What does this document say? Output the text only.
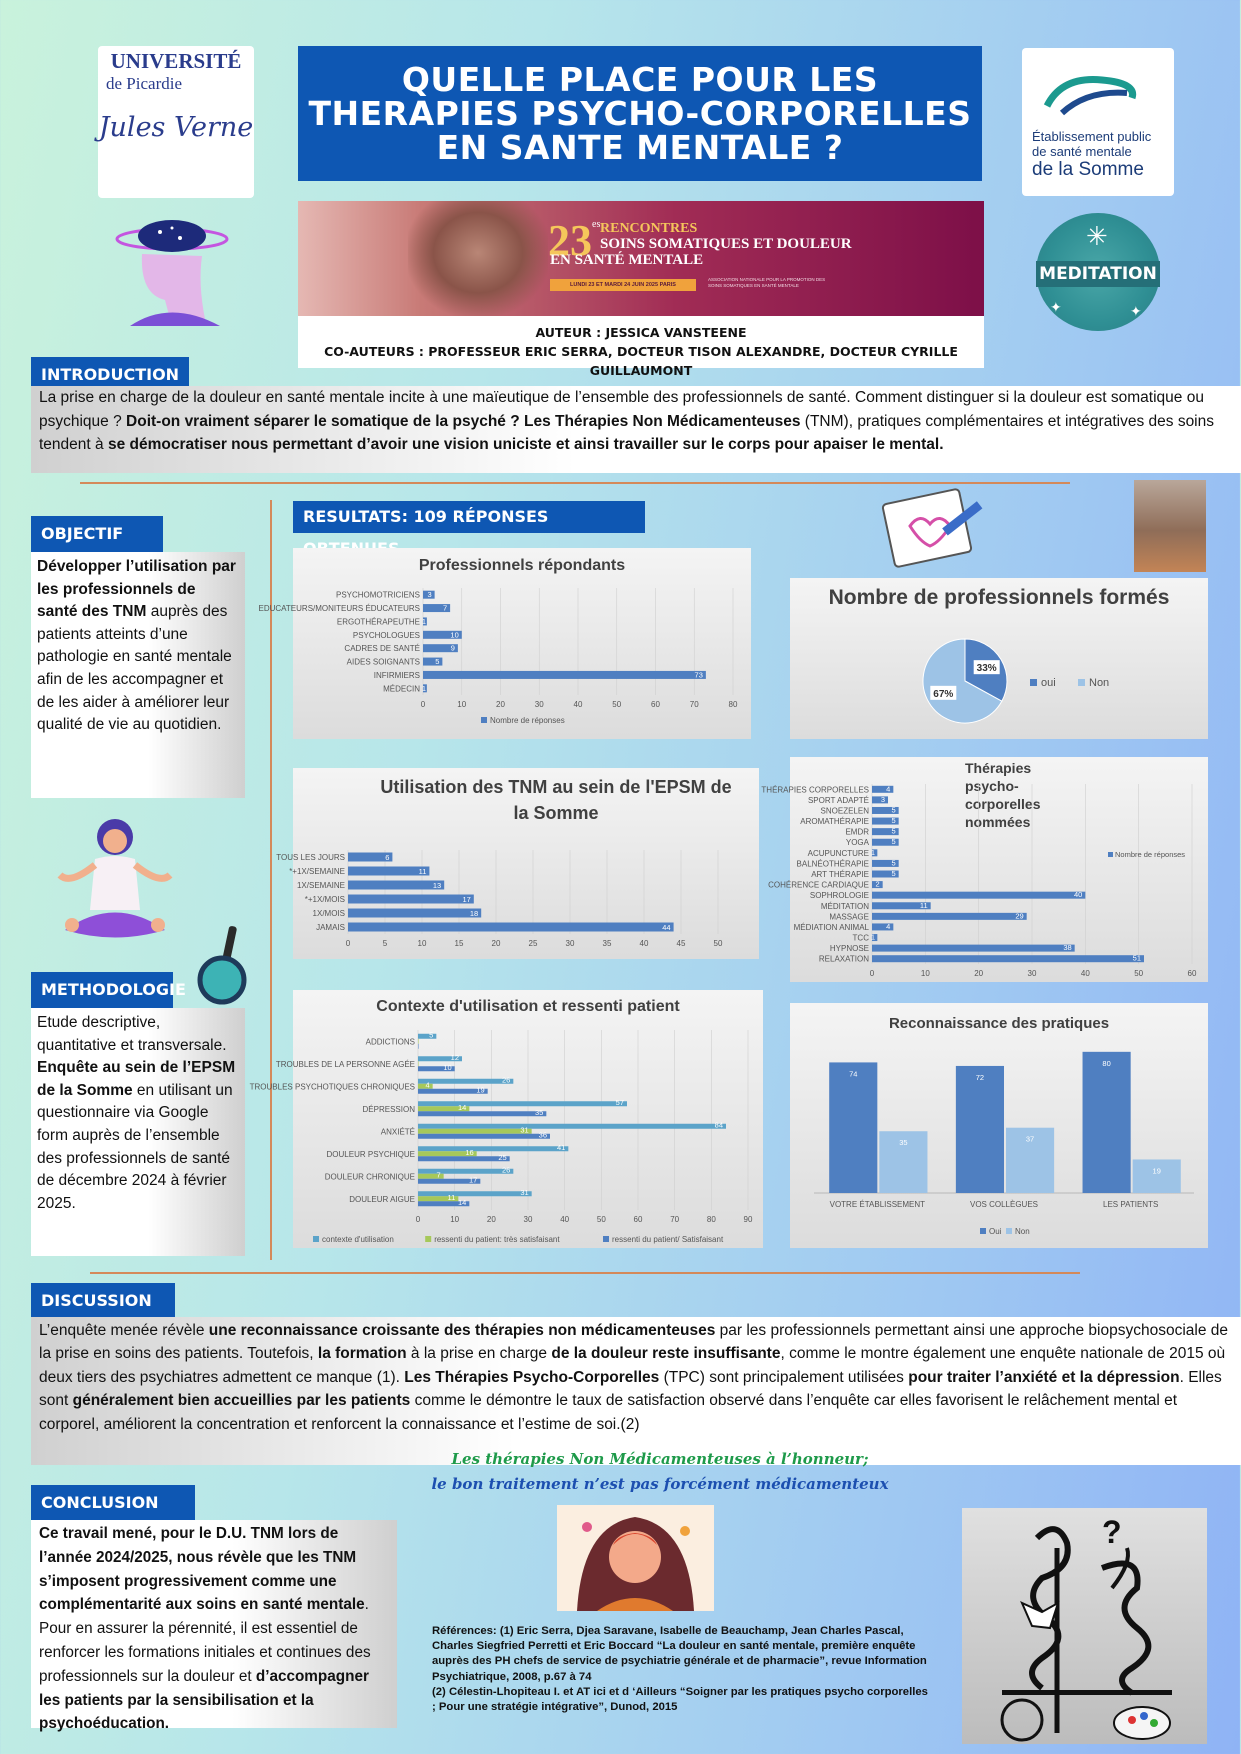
UNIVERSITÉ
de Picardie
Jules Verne	Établissement public
de santé mentale
de la Somme
QUELLE PLACE POUR LES THERAPIES PSYCHO-CORPORELLES EN SANTE MENTALE ?
$23^{es}$ RENCONTRES
SOINS SOMATIQUES ET DOULEUR
EN SANTÉ MENTALE
LUNDI 23 ET MARDI 24 JUIN 2025 PARIS
ASSOCIATION NATIONALE POUR LA PROMOTION DES SOINS SOMATIQUES EN SANTÉ MENTALE
✳
MEDITATION
✦	✦
AUTEUR : JESSICA VANSTEENE
CO-AUTEURS : PROFESSEUR ERIC SERRA, DOCTEUR TISON ALEXANDRE, DOCTEUR CYRILLE GUILLAUMONT
INTRODUCTION
La prise en charge de la douleur en santé mentale incite à une maïeutique de l’ensemble des professionnels de santé. Comment distinguer si la douleur est somatique ou psychique ? Doit-on vraiment séparer le somatique de la psyché ? Les Thérapies Non Médicamenteuses (TNM), pratiques complémentaires et intégratives des soins tendent à se démocratiser nous permettant d’avoir une vision uniciste et ainsi travailler sur le corps pour apaiser le mental.
OBJECTIF
Développer l’utilisation par les professionnels de santé des TNM auprès des patients atteints d’une pathologie en santé mentale afin de les accompagner et de les aider à améliorer leur qualité de vie au quotidien.
METHODOLOGIE
Etude descriptive, quantitative et transversale. Enquête au sein de l’EPSM de la Somme en utilisant un questionnaire via Google form auprès de l’ensemble des professionnels de santé de décembre 2024 à février 2025.
RESULTATS: 109 RÉPONSES
Professionnels répondants
0	10	20	30	40	50	60	70	80
PSYCHOMOTRICIENS 3
EDUCATEURS/MONITEURS ÉDUCATEURS	7
ERGOTHÉRAPEUTHE 1
PSYCHOLOGUES	10
CADRES DE SANTÉ	9
AIDES SOIGNANTS 5
INFIRMIERS	73
MÉDECIN 1
Nombre de réponses
Nombre de professionnels formés
33%
67%
oui	Non
Utilisation des TNM au sein de l'EPSM de la Somme
0	5	10	15	20	25	30	35	40	45	50
TOUS LES JOURS	6
*+1X/SEMAINE	11
1X/SEMAINE	13
*+1X/MOIS	17
1X/MOIS	18
JAMAIS	44
Thérapies psycho-corporelles nommées
0	10	20	30	40	50	60
THÉRAPIES CORPORELLES 4
SPORT ADAPTÉ 3
SNOEZELEN	5
AROMATHÉRAPIE	5
EMDR	5
YOGA	5
ACUPUNCTURE 1
BALNÉOTHÉRAPIE	5
ART THÉRAPIE	5
COHÉRENCE CARDIAQUE 2
SOPHROLOGIE	40
MÉDITATION	11
MASSAGE	29
MÉDIATION ANIMAL 4
TCC 1
HYPNOSE	38
RELAXATION	51
Nombre de réponses
Contexte d'utilisation et ressenti patient
0	10	20	30	40	50	60	70	80	90
ADDICTIONS
5
TROUBLES DE LA PERSONNE AGÉE
12
10
TROUBLES PSYCHOTIQUES CHRONIQUES
26
4
19
DÉPRESSION
57
14
35
ANXIÉTÉ
84
31
36
DOULEUR PSYCHIQUE
41
16
25
DOULEUR CHRONIQUE
26
7
17
DOULEUR AIGUE
31
11
14
contexte d'utilisation	ressenti du patient: très satisfaisant	ressenti du patient/ Satisfaisant
Reconnaissance des pratiques
74
35
VOTRE ÉTABLISSEMENT
72
37
VOS COLLÈGUES
80
19
LES PATIENTS
Oui Non
DISCUSSION
L’enquête menée révèle une reconnaissance croissante des thérapies non médicamenteuses par les professionnels permettant ainsi une approche biopsychosociale de la prise en soins des patients. Toutefois, la formation à la prise en charge de la douleur reste insuffisante, comme le montre également une enquête nationale de 2015 où deux tiers des psychiatres admettent ce manque (1). Les Thérapies Psycho-Corporelles (TPC) sont principalement utilisées pour traiter l’anxiété et la dépression. Elles sont généralement bien accueillies par les patients comme le démontre le taux de satisfaction observé dans l’enquête car elles favorisent le relâchement mental et corporel, améliorent la concentration et renforcent la connaissance et l’estime de soi.(2)
Les thérapies Non Médicamenteuses à l’honneur;
le bon traitement n’est pas forcément médicamenteux
CONCLUSION
Ce travail mené, pour le D.U. TNM lors de l’année 2024/2025, nous révèle que les TNM s’imposent progressivement comme une complémentarité aux soins en santé mentale. Pour en assurer la pérennité, il est essentiel de renforcer les formations initiales et continues des professionnels sur la douleur et d’accompagner les patients par la sensibilisation et la psychoéducation.
Références: (1) Eric Serra, Djea Saravane, Isabelle de Beauchamp, Jean Charles Pascal, Charles Siegfried Perretti et Eric Boccard “La douleur en santé mentale, première enquête auprès des PH chefs de service de psychiatrie générale et de pharmacie”, revue Information Psychiatrique, 2008, p.67 à 74
(2) Célestin-Lhopiteau I. et AT ici et d ‘Ailleurs “Soigner par les pratiques psycho corporelles ; Pour une stratégie intégrative”, Dunod, 2015
?
